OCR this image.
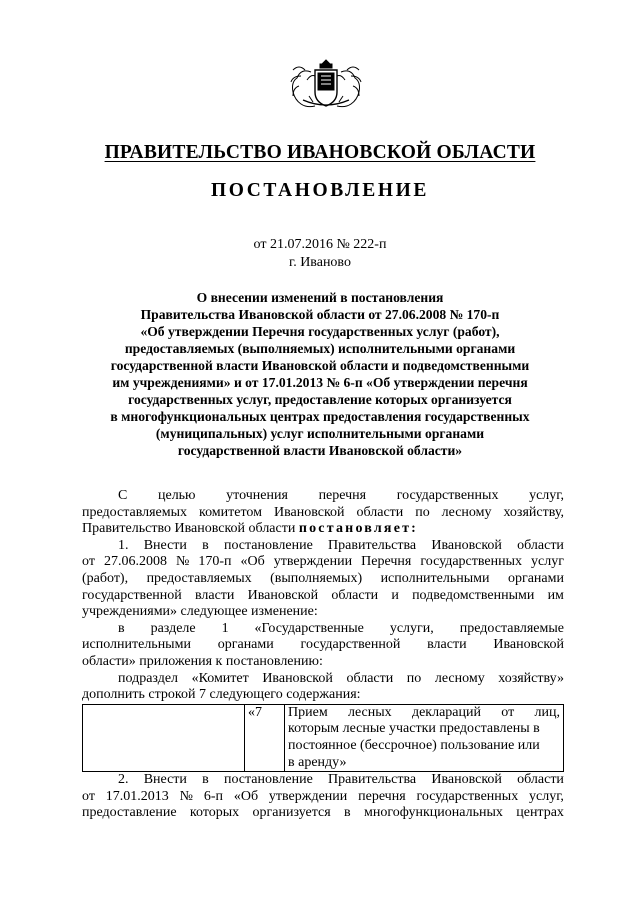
ПРАВИТЕЛЬСТВО ИВАНОВСКОЙ ОБЛАСТИ
ПОСТАНОВЛЕНИЕ
от 21.07.2016 № 222-п
г. Иваново
О внесении изменений в постановления
Правительства Ивановской области от 27.06.2008 № 170-п
«Об утверждении Перечня государственных услуг (работ),
предоставляемых (выполняемых) исполнительными органами
государственной власти Ивановской области и подведомственными
им учреждениями» и от 17.01.2013 № 6-п «Об утверждении перечня
государственных услуг, предоставление которых организуется
в многофункциональных центрах предоставления государственных
(муниципальных) услуг исполнительными органами
государственной власти Ивановской области»
С целью уточнения перечня государственных услуг,
предоставляемых комитетом Ивановской области по лесному хозяйству,
Правительство Ивановской области постановляет:
1. Внести в постановление Правительства Ивановской области
от 27.06.2008 № 170-п «Об утверждении Перечня государственных услуг
(работ), предоставляемых (выполняемых) исполнительными органами
государственной власти Ивановской области и подведомственными им
учреждениями» следующее изменение:
в разделе 1 «Государственные услуги, предоставляемые
исполнительными органами государственной власти Ивановской
области» приложения к постановлению:
подраздел «Комитет Ивановской области по лесному хозяйству»
дополнить строкой 7 следующего содержания:
	«7	Прием лесных деклараций от лиц,
которым лесные участки предоставлены в
постоянное (бессрочное) пользование или
в аренду»
2. Внести в постановление Правительства Ивановской области
от 17.01.2013 № 6-п «Об утверждении перечня государственных услуг,
предоставление которых организуется в многофункциональных центрах
